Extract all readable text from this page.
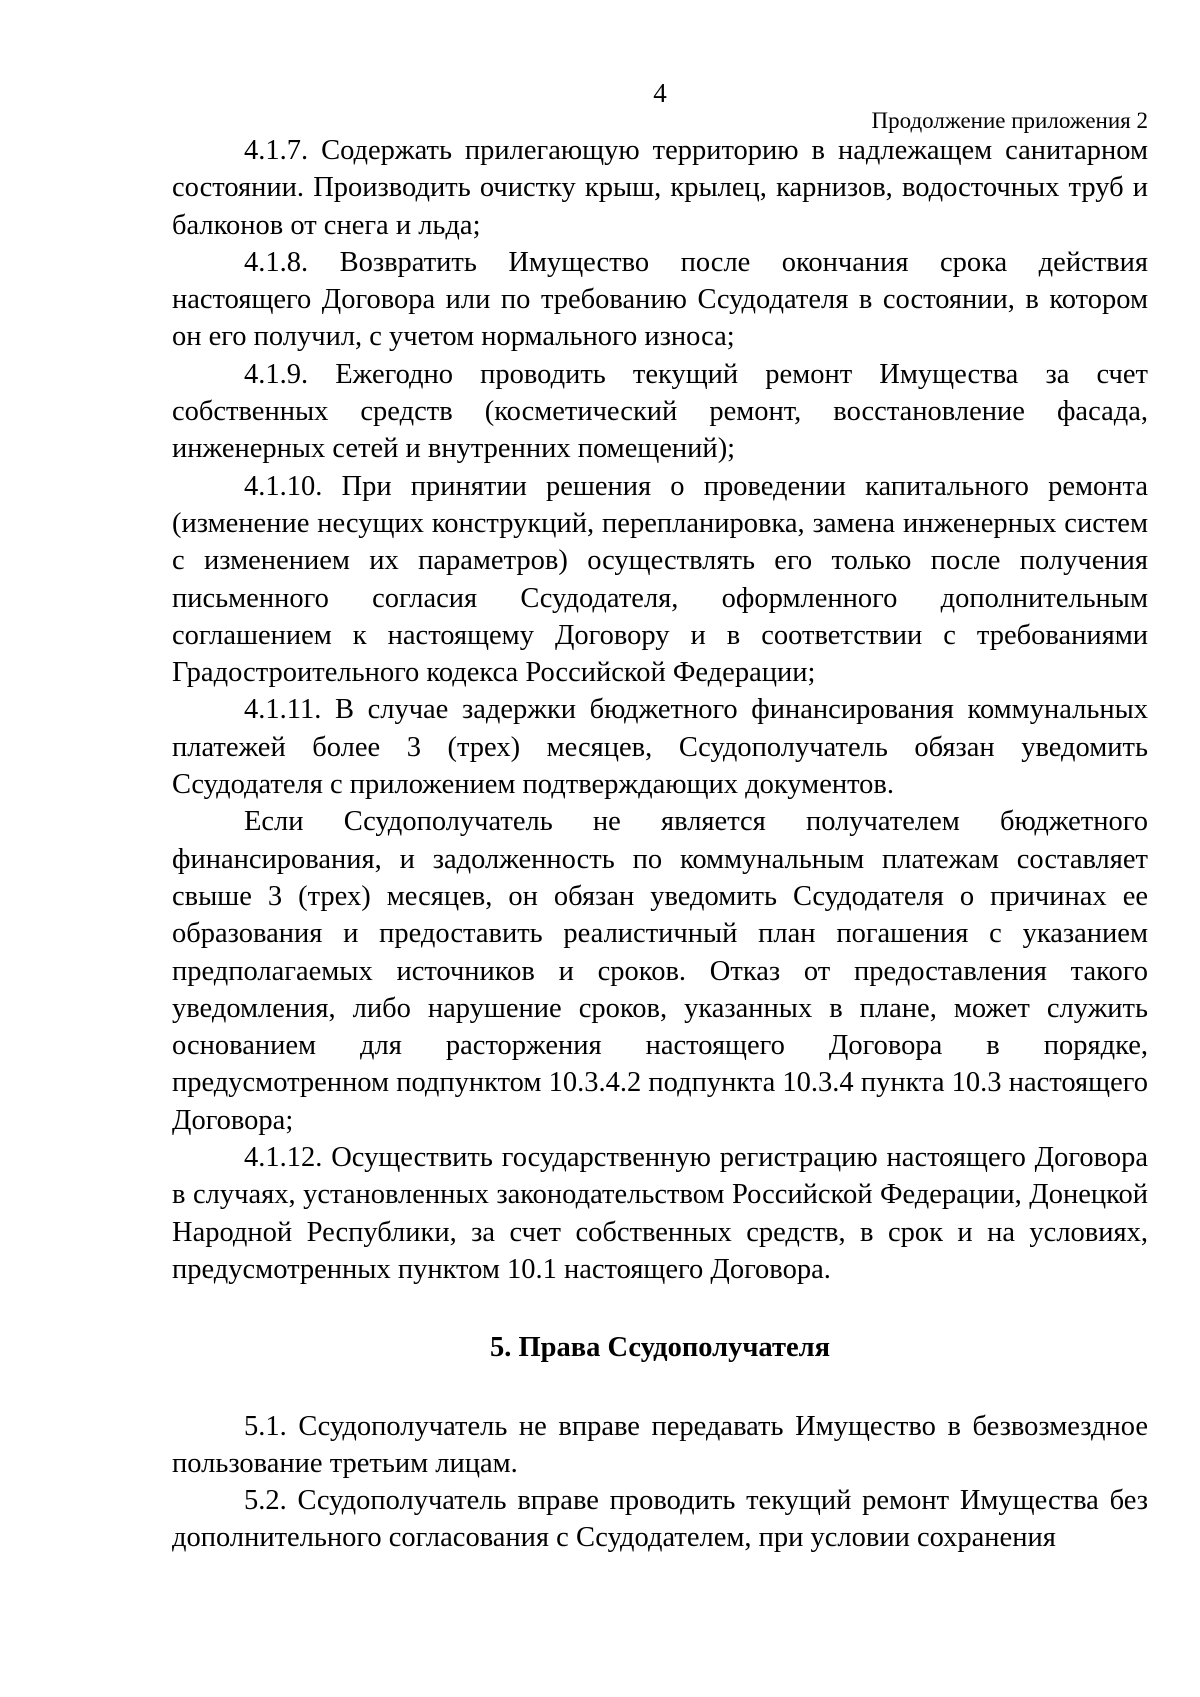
4
Продолжение приложения 2

4.1.7. Содержать прилегающую территорию в надлежащем санитарном состоянии. Производить очистку крыш, крылец, карнизов, водосточных труб и балконов от снега и льда;

4.1.8. Возвратить Имущество после окончания срока действия настоящего Договора или по требованию Ссудодателя в состоянии, в котором он его получил, с учетом нормального износа;

4.1.9. Ежегодно проводить текущий ремонт Имущества за счет собственных средств (косметический ремонт, восстановление фасада, инженерных сетей и внутренних помещений);

4.1.10. При принятии решения о проведении капитального ремонта (изменение несущих конструкций, перепланировка, замена инженерных систем с изменением их параметров) осуществлять его только после получения письменного согласия Ссудодателя, оформленного дополнительным соглашением к настоящему Договору и в соответствии с требованиями Градостроительного кодекса Российской Федерации;

4.1.11. В случае задержки бюджетного финансирования коммунальных платежей более 3 (трех) месяцев, Ссудополучатель обязан уведомить Ссудодателя с приложением подтверждающих документов.

Если Ссудополучатель не является получателем бюджетного финансирования, и задолженность по коммунальным платежам составляет свыше 3 (трех) месяцев, он обязан уведомить Ссудодателя о причинах ее образования и предоставить реалистичный план погашения с указанием предполагаемых источников и сроков. Отказ от предоставления такого уведомления, либо нарушение сроков, указанных в плане, может служить основанием для расторжения настоящего Договора в порядке, предусмотренном подпунктом 10.3.4.2 подпункта 10.3.4 пункта 10.3 настоящего Договора;

4.1.12. Осуществить государственную регистрацию настоящего Договора в случаях, установленных законодательством Российской Федерации, Донецкой Народной Республики, за счет собственных средств, в срок и на условиях, предусмотренных пунктом 10.1 настоящего Договора.

5. Права Ссудополучателя

5.1. Ссудополучатель не вправе передавать Имущество в безвозмездное пользование третьим лицам.

5.2. Ссудополучатель вправе проводить текущий ремонт Имущества без дополнительного согласования с Ссудодателем, при условии сохранения
